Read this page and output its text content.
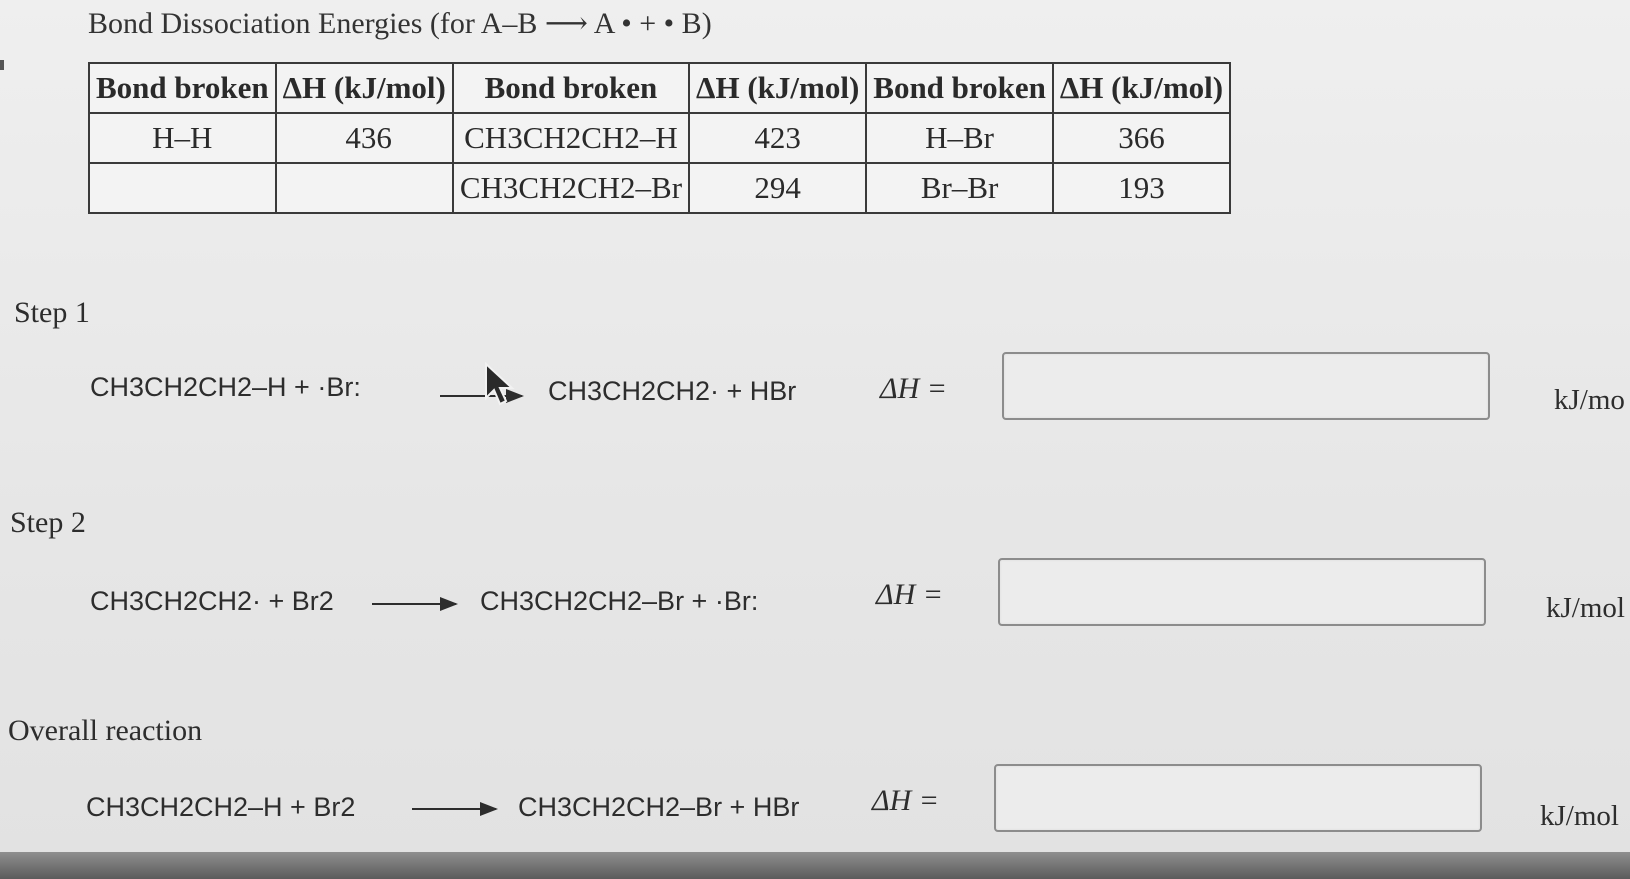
Bond Dissociation Energies (for A–B ⟶ A • + • B)
Bond broken	ΔH (kJ/mol)	Bond broken	ΔH (kJ/mol)	Bond broken	ΔH (kJ/mol)
H–H	436	CH3CH2CH2–H	423	H–Br	366
		CH3CH2CH2–Br	294	Br–Br	193
Step 1
CH3CH2CH2–H + ·Br:	CH3CH2CH2· + HBr	ΔH =	kJ/mo
Step 2
CH3CH2CH2· + Br2	CH3CH2CH2–Br + ·Br:	ΔH =	kJ/mol
Overall reaction
CH3CH2CH2–H + Br2	CH3CH2CH2–Br + HBr ΔH =	kJ/mol
